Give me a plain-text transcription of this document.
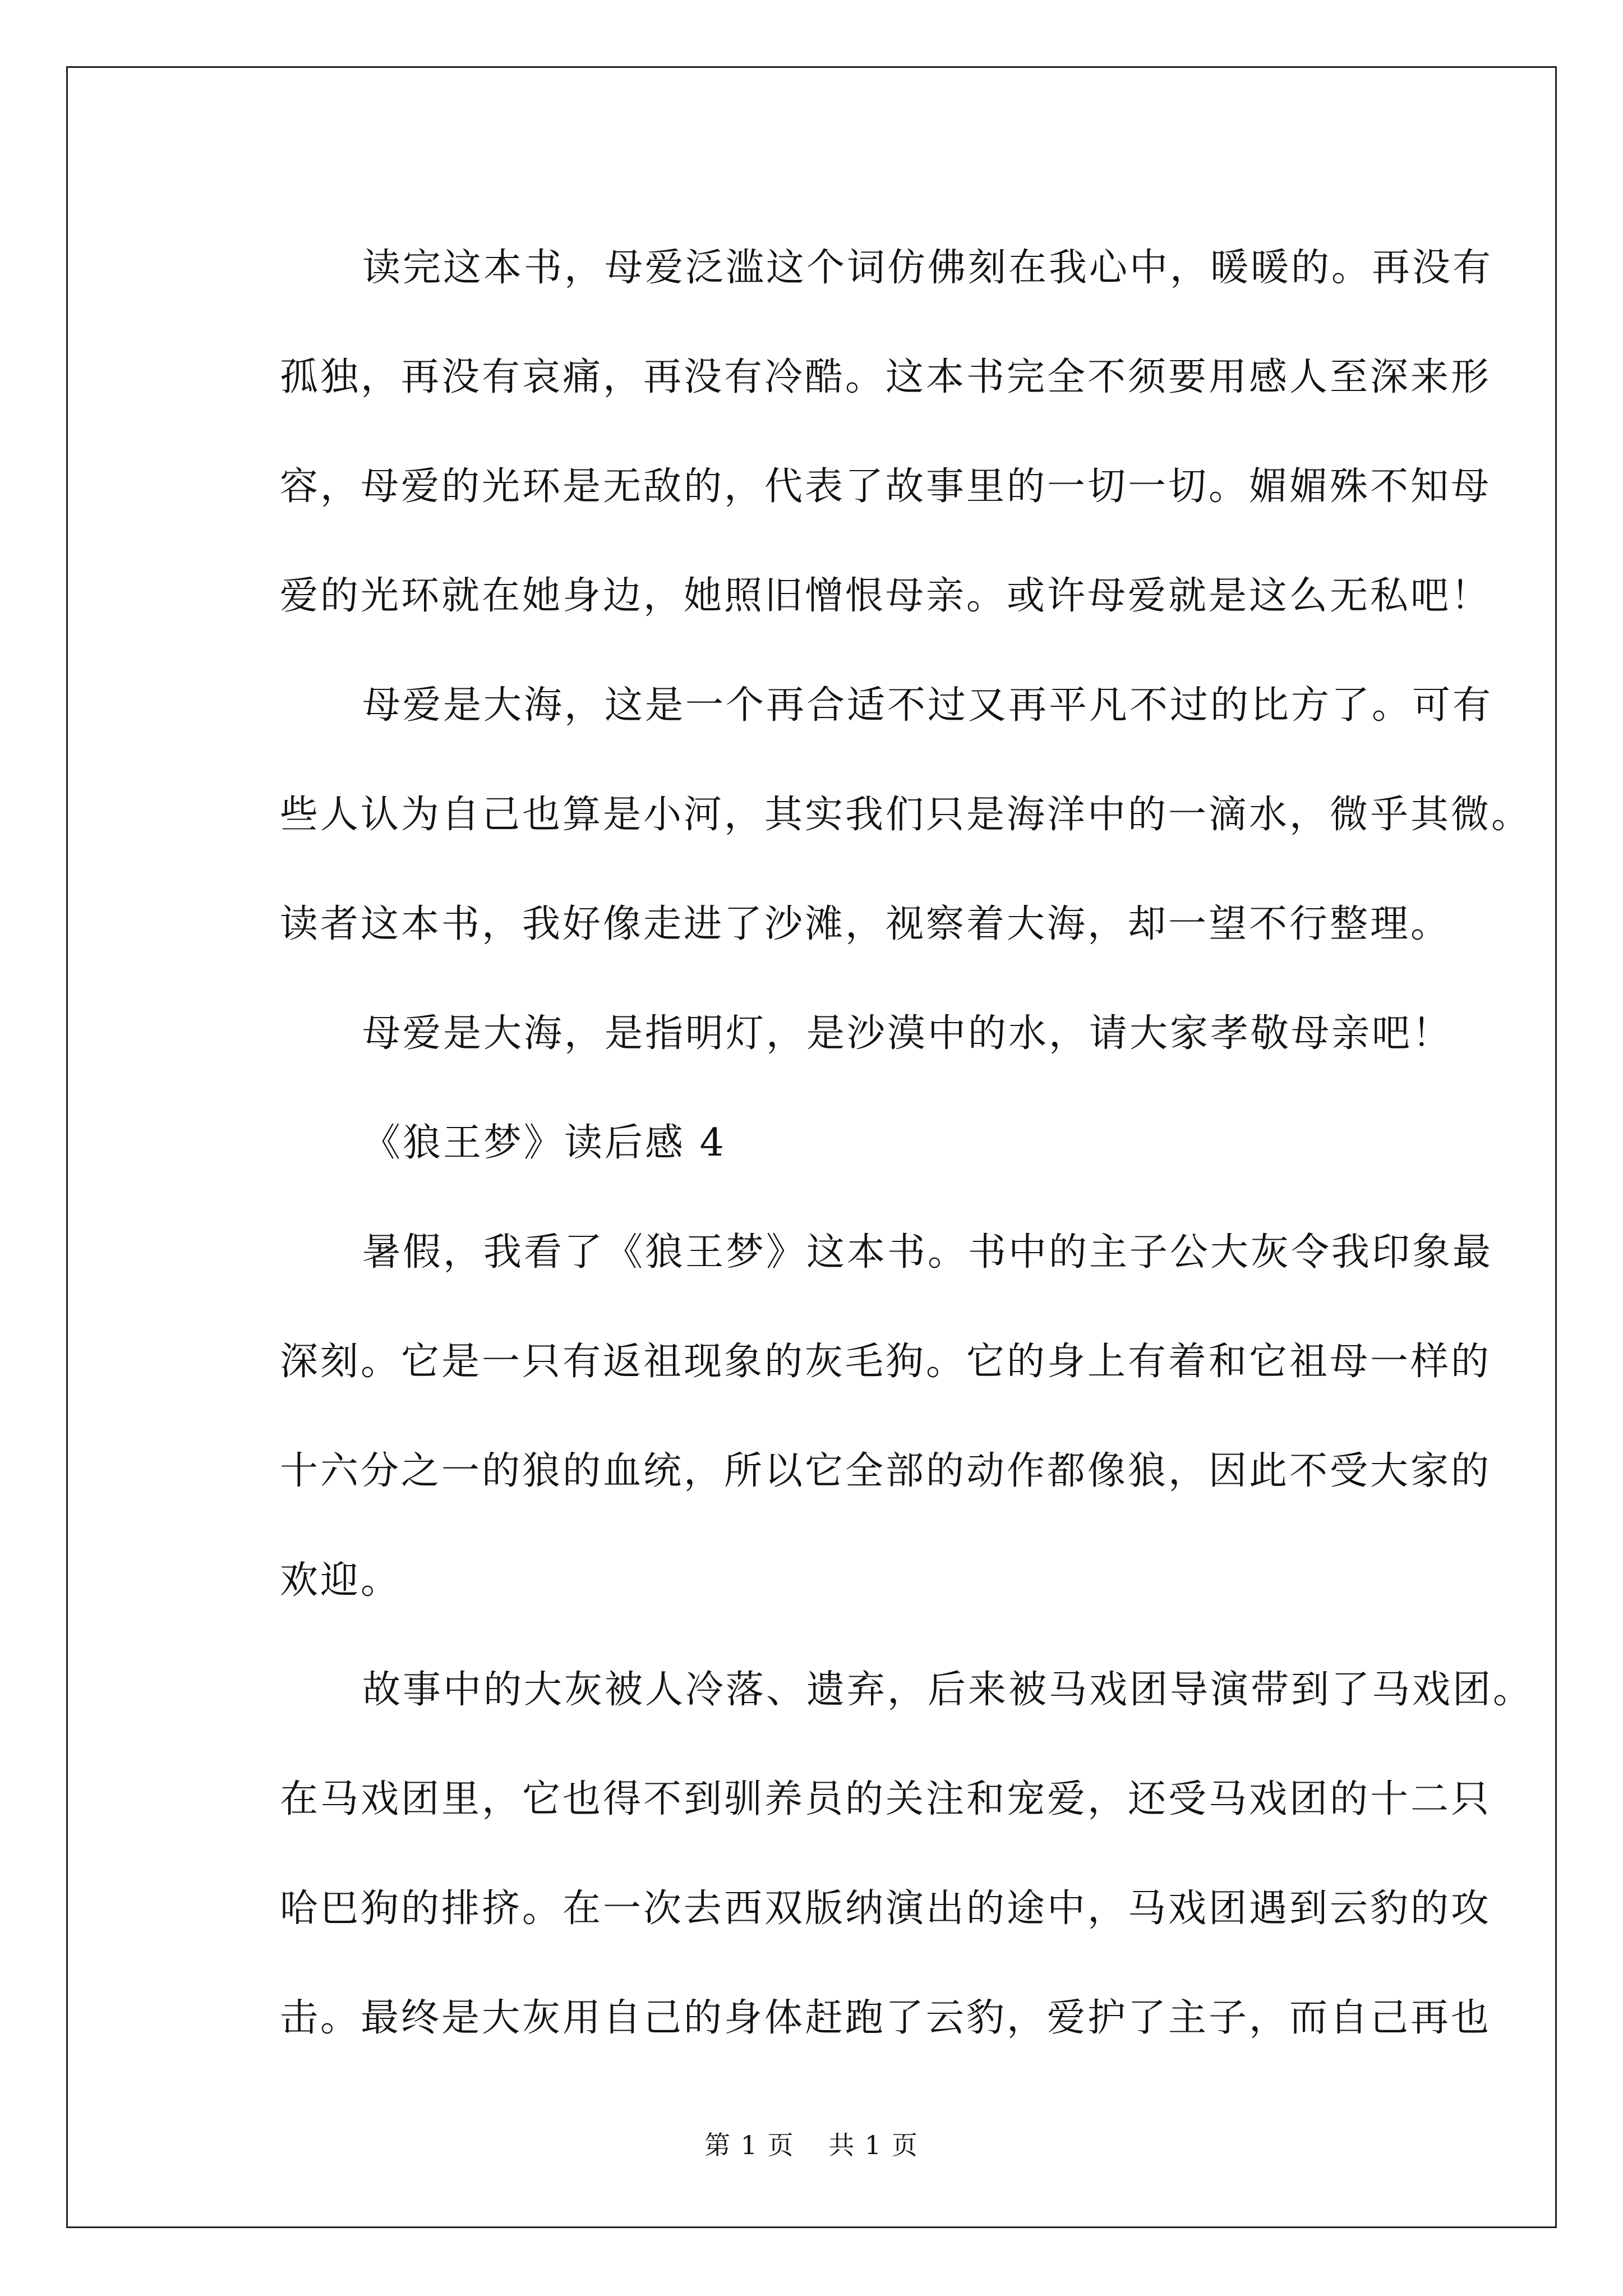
读完这本书，母爱泛滥这个词仿佛刻在我心中，暖暖的。再没有
孤独，再没有哀痛，再没有冷酷。这本书完全不须要用感人至深来形
容，母爱的光环是无敌的，代表了故事里的一切一切。媚媚殊不知母
爱的光环就在她身边，她照旧憎恨母亲。或许母爱就是这么无私吧！
母爱是大海，这是一个再合适不过又再平凡不过的比方了。可有
些人认为自己也算是小河，其实我们只是海洋中的一滴水，微乎其微。
读者这本书，我好像走进了沙滩，视察着大海，却一望不行整理。
母爱是大海，是指明灯，是沙漠中的水，请大家孝敬母亲吧！
《狼王梦》读后感 4
暑假，我看了《狼王梦》这本书。书中的主子公大灰令我印象最
深刻。它是一只有返祖现象的灰毛狗。它的身上有着和它祖母一样的
十六分之一的狼的血统，所以它全部的动作都像狼，因此不受大家的
欢迎。
故事中的大灰被人冷落、遗弃，后来被马戏团导演带到了马戏团。
在马戏团里，它也得不到驯养员的关注和宠爱，还受马戏团的十二只
哈巴狗的排挤。在一次去西双版纳演出的途中，马戏团遇到云豹的攻
击。最终是大灰用自己的身体赶跑了云豹，爱护了主子，而自己再也
第 1 页 共 1 页
